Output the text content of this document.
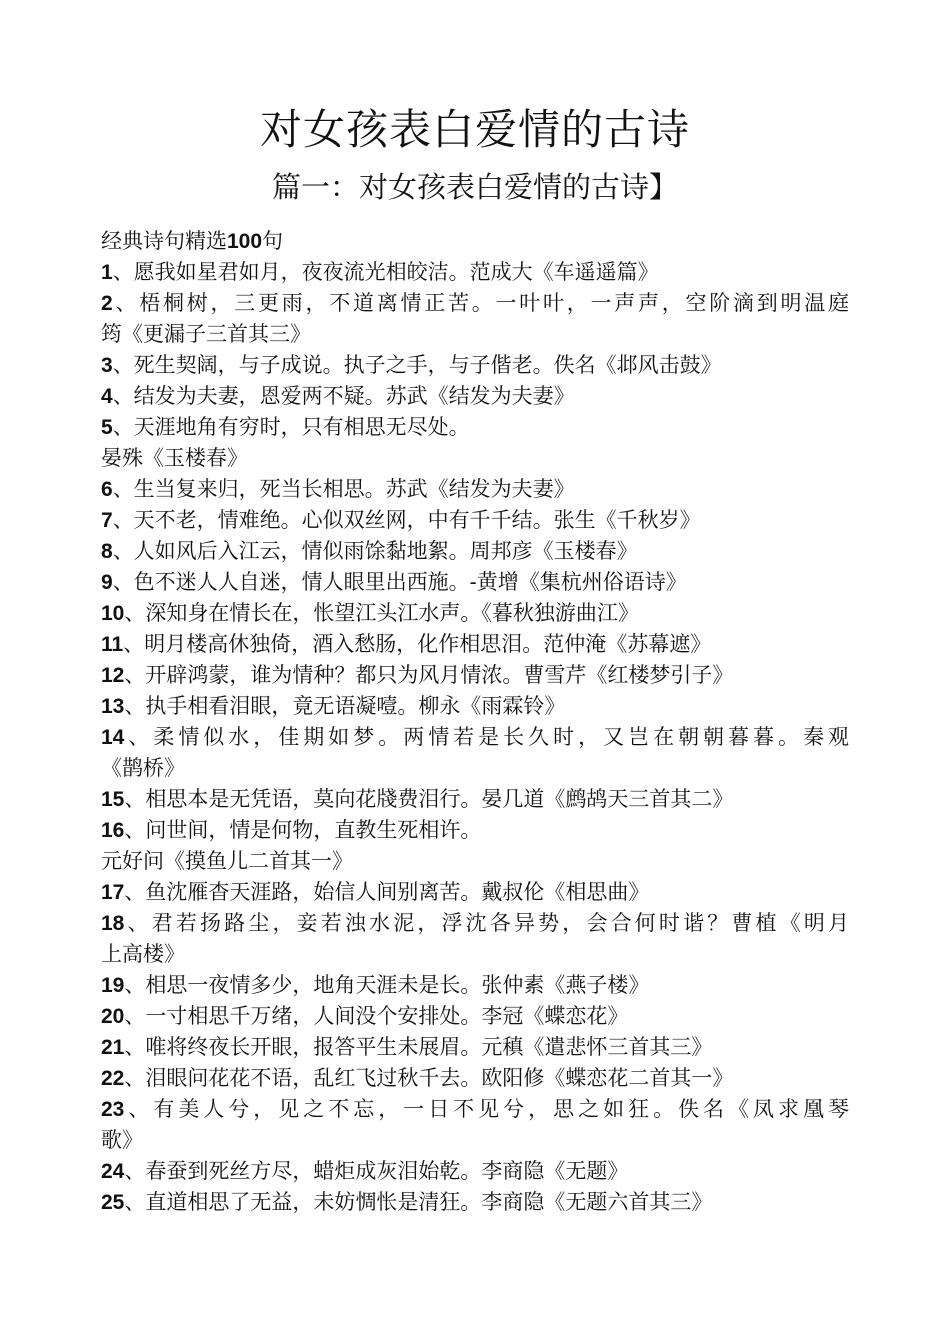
对女孩表白爱情的古诗
篇一：对女孩表白爱情的古诗】
经典诗句精选100句
1、愿我如星君如月，夜夜流光相皎洁。范成大《车遥遥篇》
2、梧桐树，三更雨，不道离情正苦。一叶叶，一声声，空阶滴到明温庭
筠《更漏子三首其三》
3、死生契阔，与子成说。执子之手，与子偕老。佚名《邶风击鼓》
4、结发为夫妻，恩爱两不疑。苏武《结发为夫妻》
5、天涯地角有穷时，只有相思无尽处。
晏殊《玉楼春》
6、生当复来归，死当长相思。苏武《结发为夫妻》
7、天不老，情难绝。心似双丝网，中有千千结。张生《千秋岁》
8、人如风后入江云，情似雨馀黏地絮。周邦彦《玉楼春》
9、色不迷人人自迷，情人眼里出西施。-黄增《集杭州俗语诗》
10、深知身在情长在，怅望江头江水声。《暮秋独游曲江》
11、明月楼高休独倚，酒入愁肠，化作相思泪。范仲淹《苏幕遮》
12、开辟鸿蒙，谁为情种？都只为风月情浓。曹雪芹《红楼梦引子》
13、执手相看泪眼，竟无语凝噎。柳永《雨霖铃》
14、柔情似水，佳期如梦。两情若是长久时，又岂在朝朝暮暮。秦观
《鹊桥》
15、相思本是无凭语，莫向花牋费泪行。晏几道《鹧鸪天三首其二》
16、问世间，情是何物，直教生死相许。
元好问《摸鱼儿二首其一》
17、鱼沈雁杳天涯路，始信人间别离苦。戴叔伦《相思曲》
18、君若扬路尘，妾若浊水泥，浮沈各异势，会合何时谐？曹植《明月
上高楼》
19、相思一夜情多少，地角天涯未是长。张仲素《燕子楼》
20、一寸相思千万绪，人间没个安排处。李冠《蝶恋花》
21、唯将终夜长开眼，报答平生未展眉。元稹《遣悲怀三首其三》
22、泪眼问花花不语，乱红飞过秋千去。欧阳修《蝶恋花二首其一》
23、有美人兮，见之不忘，一日不见兮，思之如狂。佚名《凤求凰琴
歌》
24、春蚕到死丝方尽，蜡炬成灰泪始乾。李商隐《无题》
25、直道相思了无益，未妨惆怅是清狂。李商隐《无题六首其三》
